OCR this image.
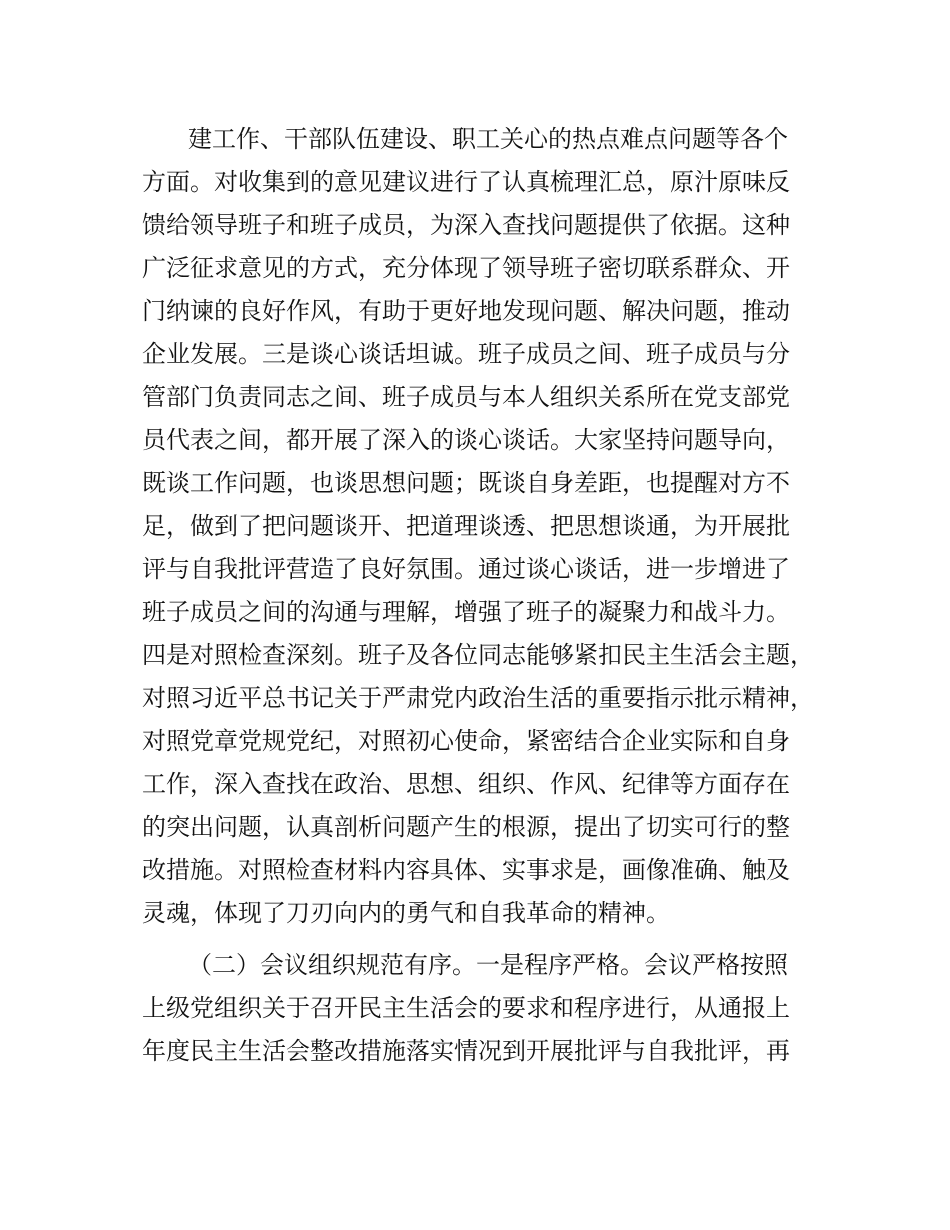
建工作、干部队伍建设、职工关心的热点难点问题等各个
方面。对收集到的意见建议进行了认真梳理汇总，原汁原味反
馈给领导班子和班子成员，为深入查找问题提供了依据。这种
广泛征求意见的方式，充分体现了领导班子密切联系群众、开
门纳谏的良好作风，有助于更好地发现问题、解决问题，推动
企业发展。三是谈心谈话坦诚。班子成员之间、班子成员与分
管部门负责同志之间、班子成员与本人组织关系所在党支部党
员代表之间，都开展了深入的谈心谈话。大家坚持问题导向，
既谈工作问题，也谈思想问题；既谈自身差距，也提醒对方不
足，做到了把问题谈开、把道理谈透、把思想谈通，为开展批
评与自我批评营造了良好氛围。通过谈心谈话，进一步增进了
班子成员之间的沟通与理解，增强了班子的凝聚力和战斗力。
四是对照检查深刻。班子及各位同志能够紧扣民主生活会主题，
对照习近平总书记关于严肃党内政治生活的重要指示批示精神，
对照党章党规党纪，对照初心使命，紧密结合企业实际和自身
工作，深入查找在政治、思想、组织、作风、纪律等方面存在
的突出问题，认真剖析问题产生的根源，提出了切实可行的整
改措施。对照检查材料内容具体、实事求是，画像准确、触及
灵魂，体现了刀刃向内的勇气和自我革命的精神。
（二）会议组织规范有序。一是程序严格。会议严格按照
上级党组织关于召开民主生活会的要求和程序进行，从通报上
年度民主生活会整改措施落实情况到开展批评与自我批评，再
